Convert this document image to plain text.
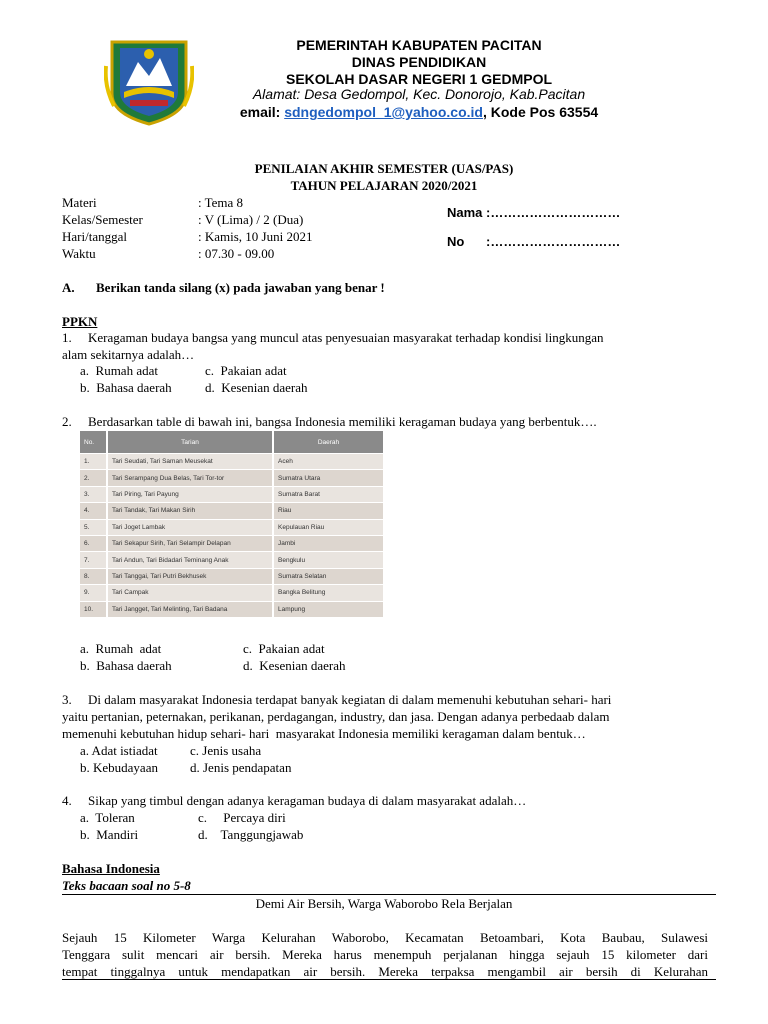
PEMERINTAH KABUPATEN PACITAN
DINAS PENDIDIKAN
SEKOLAH DASAR NEGERI 1 GEDMPOL
Alamat: Desa Gedompol, Kec. Donorojo, Kab.Pacitan
email: sdngedompol_1@yahoo.co.id, Kode Pos 63554
PENILAIAN AKHIR SEMESTER (UAS/PAS)
TAHUN PELAJARAN 2020/2021
Materi	: Tema 8
Kelas/Semester	: V (Lima) / 2 (Dua)
Hari/tanggal	: Kamis, 10 Juni 2021
Waktu	: 07.30 - 09.00
Nama :…………………………
No      :…………………………
A. Berikan tanda silang (x) pada jawaban yang benar !
PPKN
1.     Keragaman budaya bangsa yang muncul atas penyesuaian masyarakat terhadap kondisi lingkungan
alam sekitarnya adalah…
a.  Rumah adat	c.  Pakaian adat
b.  Bahasa daerah	d.  Kesenian daerah
2.     Berdasarkan table di bawah ini, bangsa Indonesia memiliki keragaman budaya yang berbentuk….
No.	Tarian	Daerah
1.	Tari Seudati, Tari Saman Meusekat	Aceh
2.	Tari Serampang Dua Belas, Tari Tor-tor	Sumatra Utara
3.	Tari Piring, Tari Payung	Sumatra Barat
4.	Tari Tandak, Tari Makan Sirih	Riau
5.	Tari Joget Lambak	Kepulauan Riau
6.	Tari Sekapur Sirih, Tari Selampir Delapan	Jambi
7.	Tari Andun, Tari Bidadari Teminang Anak	Bengkulu
8.	Tari Tanggai, Tari Putri Bekhusek	Sumatra Selatan
9.	Tari Campak	Bangka Belitung
10.	Tari Jangget, Tari Melinting, Tari Badana	Lampung
a.  Rumah  adat	c.  Pakaian adat
b.  Bahasa daerah	d.  Kesenian daerah
3.     Di dalam masyarakat Indonesia terdapat banyak kegiatan di dalam memenuhi kebutuhan sehari- hari
yaitu pertanian, peternakan, perikanan, perdagangan, industry, dan jasa. Dengan adanya perbedaab dalam
memenuhi kebutuhan hidup sehari- hari  masyarakat Indonesia memiliki keragaman dalam bentuk…
a. Adat istiadat c. Jenis usaha
b. Kebudayaan d. Jenis pendapatan
4.     Sikap yang timbul dengan adanya keragaman budaya di dalam masyarakat adalah…
a.  Toleran	c.     Percaya diri
b.  Mandiri	d.    Tanggungjawab
Bahasa Indonesia
Teks bacaan soal no 5-8
Demi Air Bersih, Warga Waborobo Rela Berjalan
Sejauh 15 Kilometer Warga Kelurahan Waborobo, Kecamatan Betoambari, Kota Baubau, Sulawesi
Tenggara sulit mencari air bersih. Mereka harus menempuh perjalanan hingga sejauh 15 kilometer dari
tempat tinggalnya untuk mendapatkan air bersih. Mereka terpaksa mengambil air bersih di Kelurahan
